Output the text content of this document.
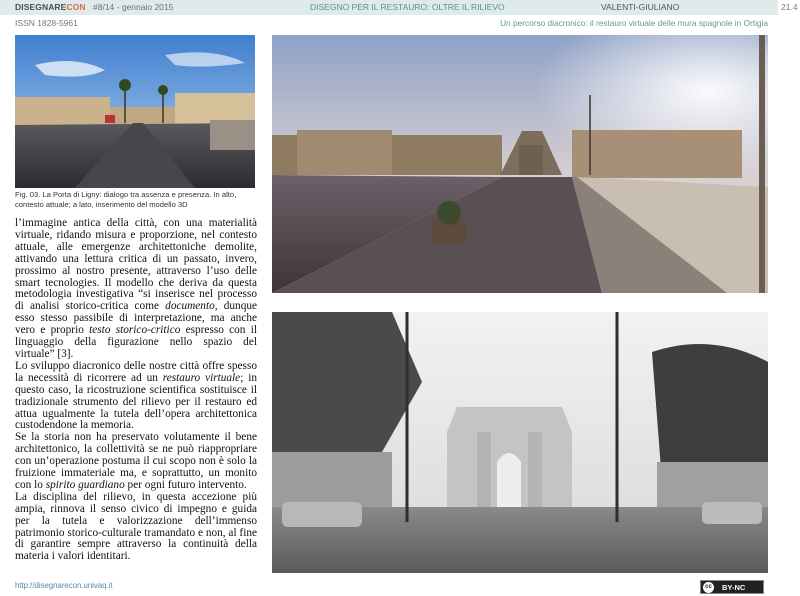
DISEGNARECON #8/14 - gennaio 2015	DISEGNO PER IL RESTAURO: OLTRE IL RILIEVO	VALENTI-GIULIANO	21.4
ISSN 1828-5961	Un percorso diacronico: il restauro virtuale delle mura spagnole in Ortigia
Fig. 03. La Porta di Ligny: dialogo tra assenza e presenza. In alto, contesto attuale; a lato, inserimento del modello 3D

l’immagine antica della città, con una materialità virtuale, ridando misura e proporzione, nel contesto attuale, alle emergenze architettoniche demolite, attivando una lettura critica di un passato, invero, prossimo al nostro presente, attraverso l’uso delle smart tecnologies. Il modello che deriva da questa metodologia investigativa “si inserisce nel processo di analisi storico-critica come documento, dunque esso stesso passibile di interpretazione, ma anche vero e proprio testo storico-critico espresso con il linguaggio della figurazione nello spazio del virtuale” [3].

Lo sviluppo diacronico delle nostre città offre spesso la necessità di ricorrere ad un restauro virtuale; in questo caso, la ricostruzione scientifica sostituisce il tradizionale strumento del rilievo per il restauro ed attua ugualmente la tutela dell’opera architettonica custodendone la memoria.

Se la storia non ha preservato volutamente il bene architettonico, la collettività se ne può riappropriare con un’operazione postuma il cui scopo non è solo la fruizione immateriale ma, e soprattutto, un monito con lo spirito guardiano per ogni futuro intervento.

La disciplina del rilievo, in questa accezione più ampia, rinnova il senso civico di impegno e guida per la tutela e valorizzazione dell’immenso patrimonio storico-culturale tramandato e non, al fine di garantire sempre attraverso la continuità della materia i valori identitari.

http://disegnarecon.univaq.it	cc BY-NC
